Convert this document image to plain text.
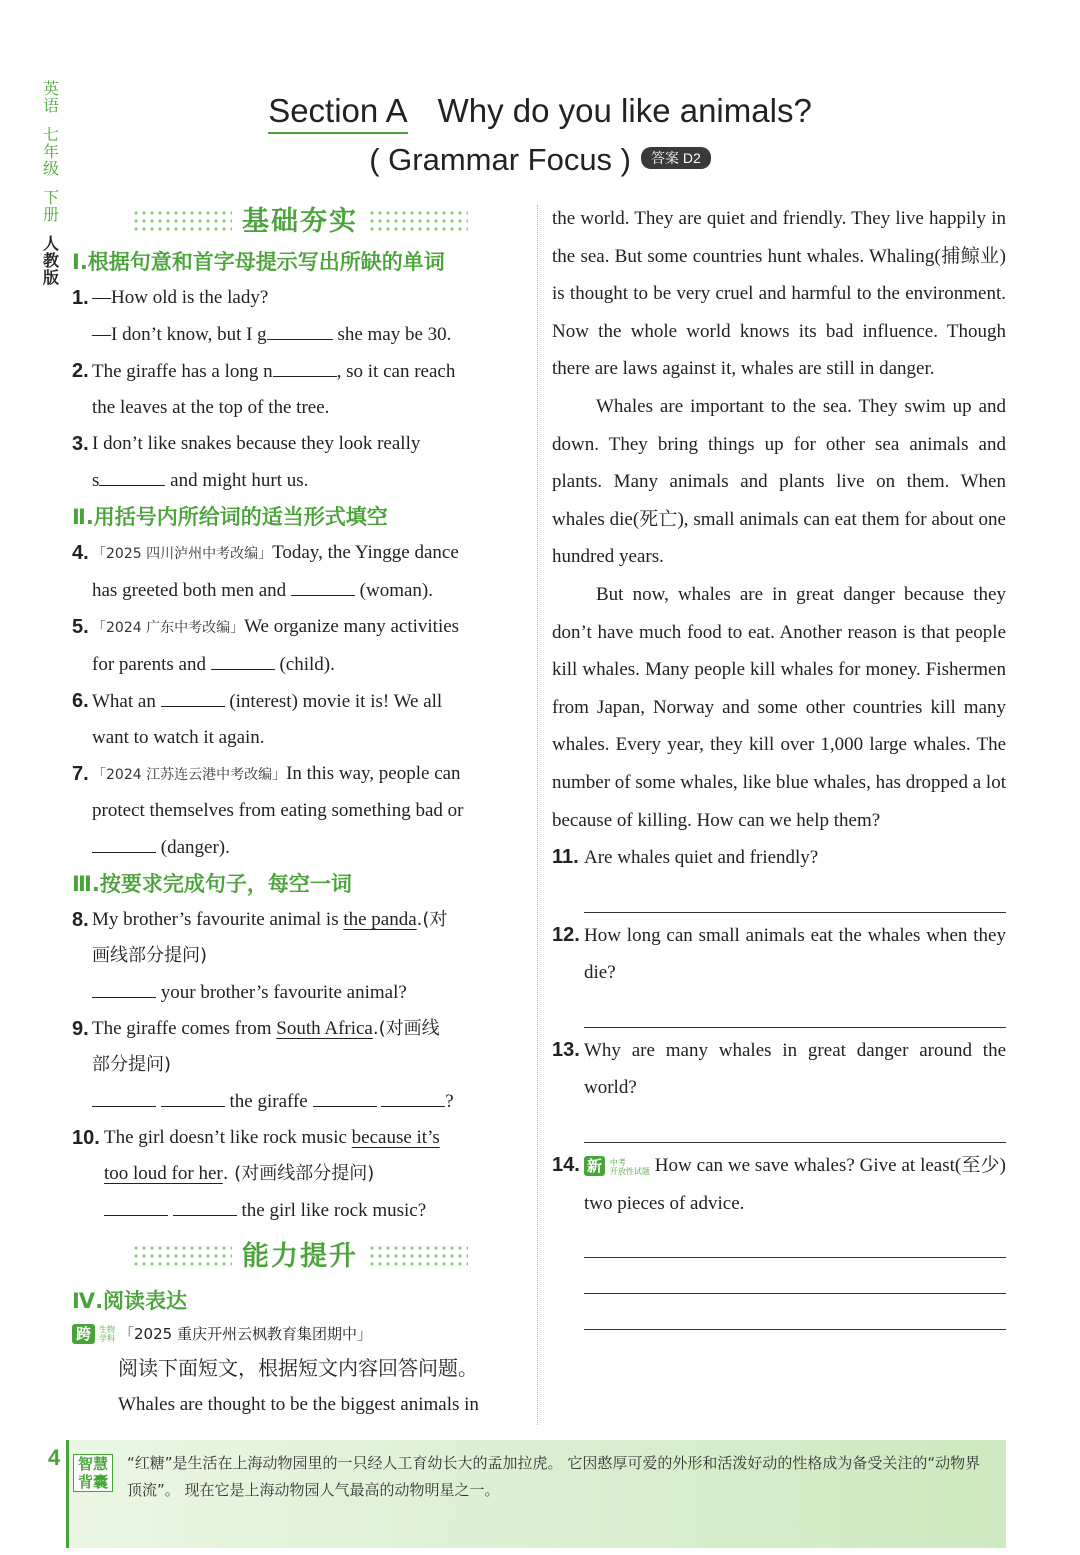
英语
七年级
下册
人教版
Section A Why do you like animals?
( Grammar Focus ) 答案 D2
基础夯实
Ⅰ.根据句意和首字母提示写出所缺的单词
1. —How old is the lady?
—I don’t know, but I g	she may be 30.
2. The giraffe has a long n	, so it can reach
the leaves at the top of the tree.
3. I don’t like snakes because they look really
s	and might hurt us.
Ⅱ.用括号内所给词的适当形式填空
4. 「2025 四川泸州中考改编」Today, the Yingge dance
has greeted both men and	(woman).
5. 「2024 广东中考改编」We organize many activities
for parents and	(child).
6. What an	(interest) movie it is! We all
want to watch it again.
7. 「2024 江苏连云港中考改编」In this way, people can
protect themselves from eating something bad or
(danger).
Ⅲ.按要求完成句子，每空一词
8. My brother’s favourite animal is the panda.(对
画线部分提问)
your brother’s favourite animal?
9. The giraffe comes from South Africa.(对画线
部分提问)
the giraffe	?
10. The girl doesn’t like rock music because it’s
too loud for her. (对画线部分提问)
the girl like rock music?
能力提升
Ⅳ.阅读表达
跨	生物
学科 「2025 重庆开州云枫教育集团期中」
阅读下面短文，根据短文内容回答问题。
Whales are thought to be the biggest animals in

the world. They are quiet and friendly. They live happily in the sea. But some countries hunt whales. Whaling(捕鲸业) is thought to be very cruel and harmful to the environment. Now the whole world knows its bad influence. Though there are laws against it, whales are still in danger.

Whales are important to the sea. They swim up and down. They bring things up for other sea animals and plants. Many animals and plants live on them. When whales die(死亡), small animals can eat them for about one hundred years.

But now, whales are in great danger because they don’t have much food to eat. Another reason is that people kill whales. Many people kill whales for money. Fishermen from Japan, Norway and some other countries kill many whales. Every year, they kill over 1,000 large whales. The number of some whales, like blue whales, has dropped a lot because of killing. How can we help them?

11. Are whales quiet and friendly?
12. How long can small animals eat the whales when they die?
13. Why are many whales in great danger around the world?
14. 新 中考
开放性试题 How can we save whales? Give at least(至少) two pieces of advice.
4	智慧背囊
“红糖”是生活在上海动物园里的一只经人工育幼长大的孟加拉虎。 它因憨厚可爱的外形和活泼好动的性格成为备受关注的“动物界顶流”。 现在它是上海动物园人气最高的动物明星之一。
